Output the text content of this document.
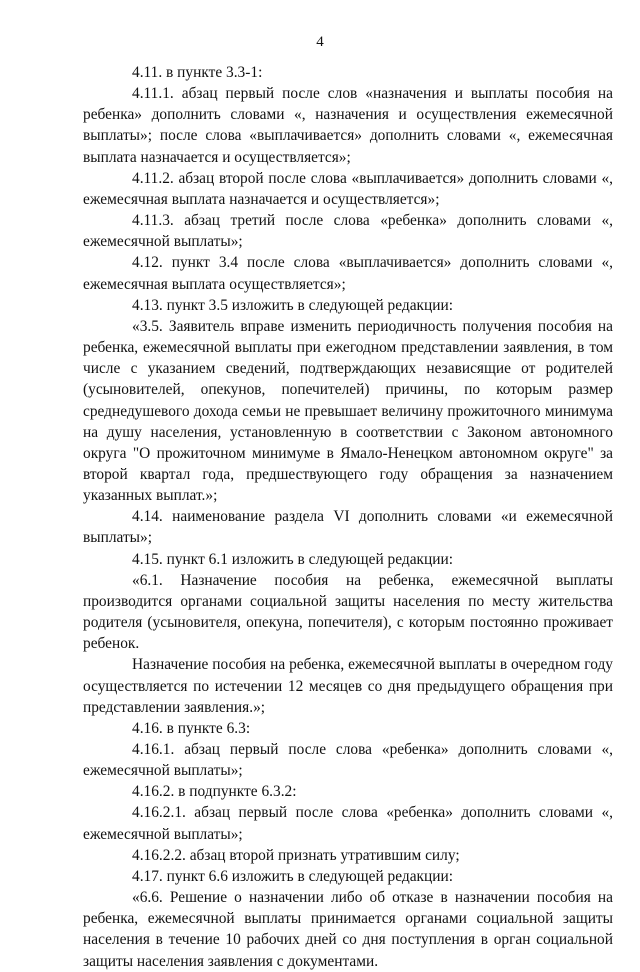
4

4.11. в пункте 3.3-1:

4.11.1. абзац первый после слов «назначения и выплаты пособия на ребенка» дополнить словами «, назначения и осуществления ежемесячной выплаты»; после слова «выплачивается» дополнить словами «, ежемесячная выплата назначается и осуществляется»;

4.11.2. абзац второй после слова «выплачивается» дополнить словами «, ежемесячная выплата назначается и осуществляется»;

4.11.3. абзац третий после слова «ребенка» дополнить словами «, ежемесячной выплаты»;

4.12. пункт 3.4 после слова «выплачивается» дополнить словами «, ежемесячная выплата осуществляется»;

4.13. пункт 3.5 изложить в следующей редакции:

«3.5. Заявитель вправе изменить периодичность получения пособия на ребенка, ежемесячной выплаты при ежегодном представлении заявления, в том числе с указанием сведений, подтверждающих независящие от родителей (усыновителей, опекунов, попечителей) причины, по которым размер среднедушевого дохода семьи не превышает величину прожиточного минимума на душу населения, установленную в соответствии с Законом автономного округа "О прожиточном минимуме в Ямало-Ненецком автономном округе" за второй квартал года, предшествующего году обращения за назначением указанных выплат.»;

4.14. наименование раздела VI дополнить словами «и ежемесячной выплаты»;

4.15. пункт 6.1 изложить в следующей редакции:

«6.1. Назначение пособия на ребенка, ежемесячной выплаты производится органами социальной защиты населения по месту жительства родителя (усыновителя, опекуна, попечителя), с которым постоянно проживает ребенок.

Назначение пособия на ребенка, ежемесячной выплаты в очередном году осуществляется по истечении 12 месяцев со дня предыдущего обращения при представлении заявления.»;

4.16. в пункте 6.3:

4.16.1. абзац первый после слова «ребенка» дополнить словами «, ежемесячной выплаты»;

4.16.2. в подпункте 6.3.2:

4.16.2.1. абзац первый после слова «ребенка» дополнить словами «, ежемесячной выплаты»;

4.16.2.2. абзац второй признать утратившим силу;

4.17. пункт 6.6 изложить в следующей редакции:

«6.6. Решение о назначении либо об отказе в назначении пособия на ребенка, ежемесячной выплаты принимается органами социальной защиты населения в течение 10 рабочих дней со дня поступления в орган социальной защиты населения заявления с документами.
